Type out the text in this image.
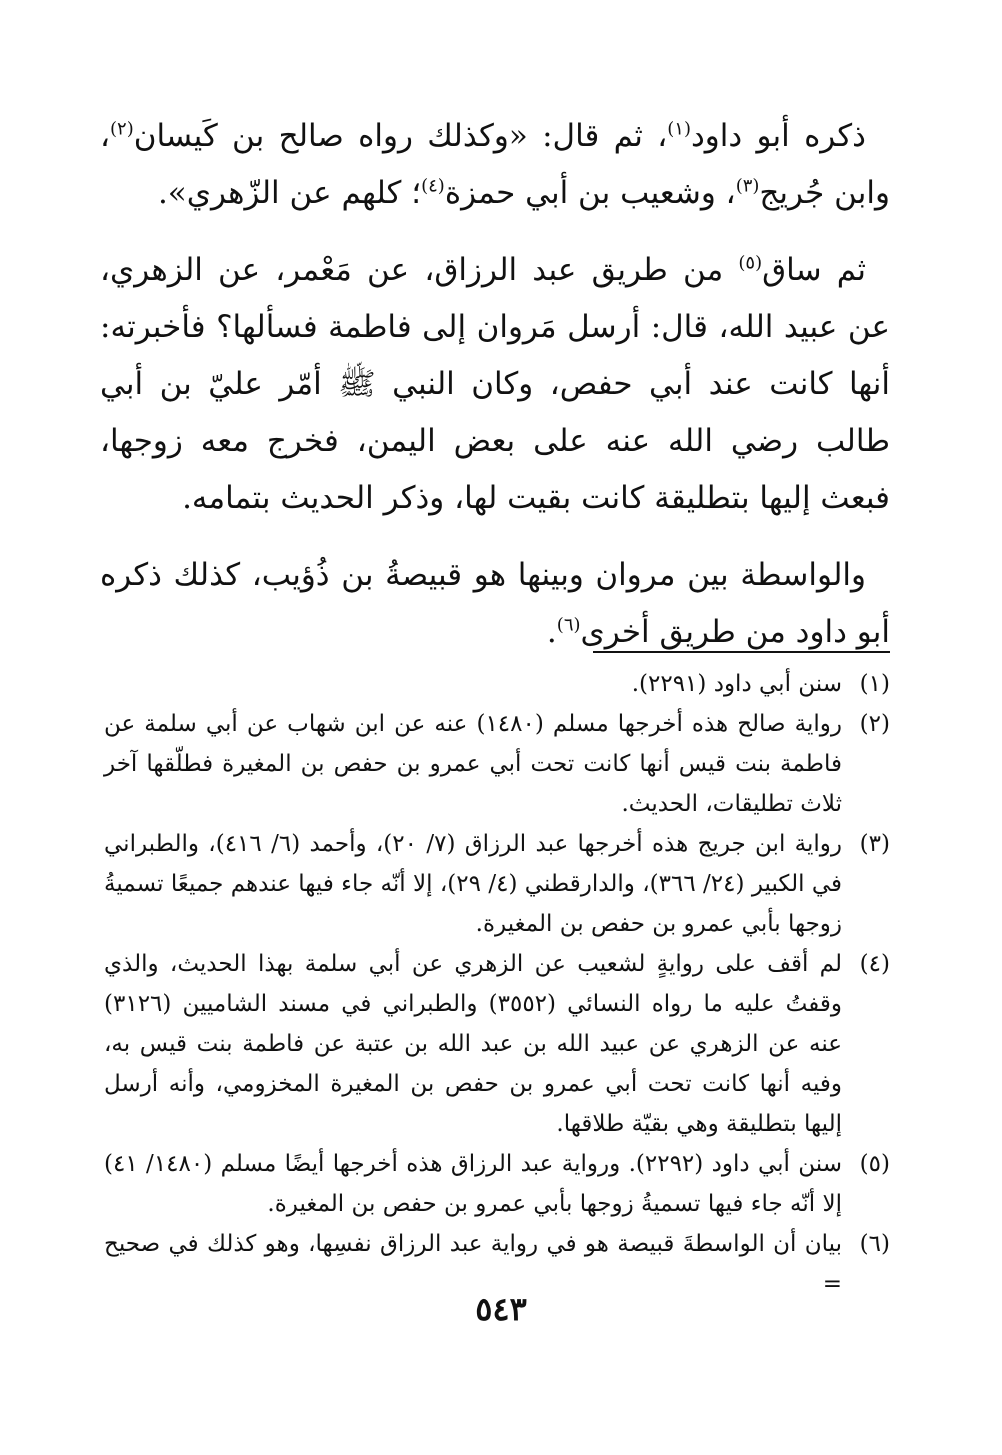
ذكره أبو داود$^{(١)}$، ثم قال: «وكذلك رواه صالح بن كَيسان$^{(٢)}$، وابن جُريج$^{(٣)}$، وشعيب بن أبي حمزة$^{(٤)}$؛ كلهم عن الزّهري».

ثم ساق$^{(٥)}$ من طريق عبد الرزاق، عن مَعْمر، عن الزهري، عن عبيد الله، قال: أرسل مَروان إلى فاطمة فسألها؟ فأخبرته: أنها كانت عند أبي حفص، وكان النبي ﷺ أمّر عليّ بن أبي طالب رضي الله عنه على بعض اليمن، فخرج معه زوجها، فبعث إليها بتطليقة كانت بقيت لها، وذكر الحديث بتمامه.

والواسطة بين مروان وبينها هو قبيصةُ بن ذُؤيب، كذلك ذكره أبو داود من طريق أخرى$^{(٦)}$.

(١)
سنن أبي داود (٢٢٩١).
(٢)
رواية صالح هذه أخرجها مسلم (١٤٨٠) عنه عن ابن شهاب عن أبي سلمة عن فاطمة بنت قيس أنها كانت تحت أبي عمرو بن حفص بن المغيرة فطلّقها آخر ثلاث تطليقات، الحديث.
(٣)
رواية ابن جريج هذه أخرجها عبد الرزاق (٧/ ٢٠)، وأحمد (٦/ ٤١٦)، والطبراني في الكبير (٢٤/ ٣٦٦)، والدارقطني (٤/ ٢٩)، إلا أنّه جاء فيها عندهم جميعًا تسميةُ زوجها بأبي عمرو بن حفص بن المغيرة.
(٤)
لم أقف على روايةٍ لشعيب عن الزهري عن أبي سلمة بهذا الحديث، والذي وقفتُ عليه ما رواه النسائي (٣٥٥٢) والطبراني في مسند الشاميين (٣١٢٦) عنه عن الزهري عن عبيد الله بن عبد الله بن عتبة عن فاطمة بنت قيس به، وفيه أنها كانت تحت أبي عمرو بن حفص بن المغيرة المخزومي، وأنه أرسل إليها بتطليقة وهي بقيّة طلاقها.
(٥)
سنن أبي داود (٢٢٩٢). ورواية عبد الرزاق هذه أخرجها أيضًا مسلم (١٤٨٠/ ٤١) إلا أنّه جاء فيها تسميةُ زوجها بأبي عمرو بن حفص بن المغيرة.
(٦)
بيان أن الواسطةَ قبيصة هو في رواية عبد الرزاق نفسِها، وهو كذلك في صحيح =
٥٤٣
